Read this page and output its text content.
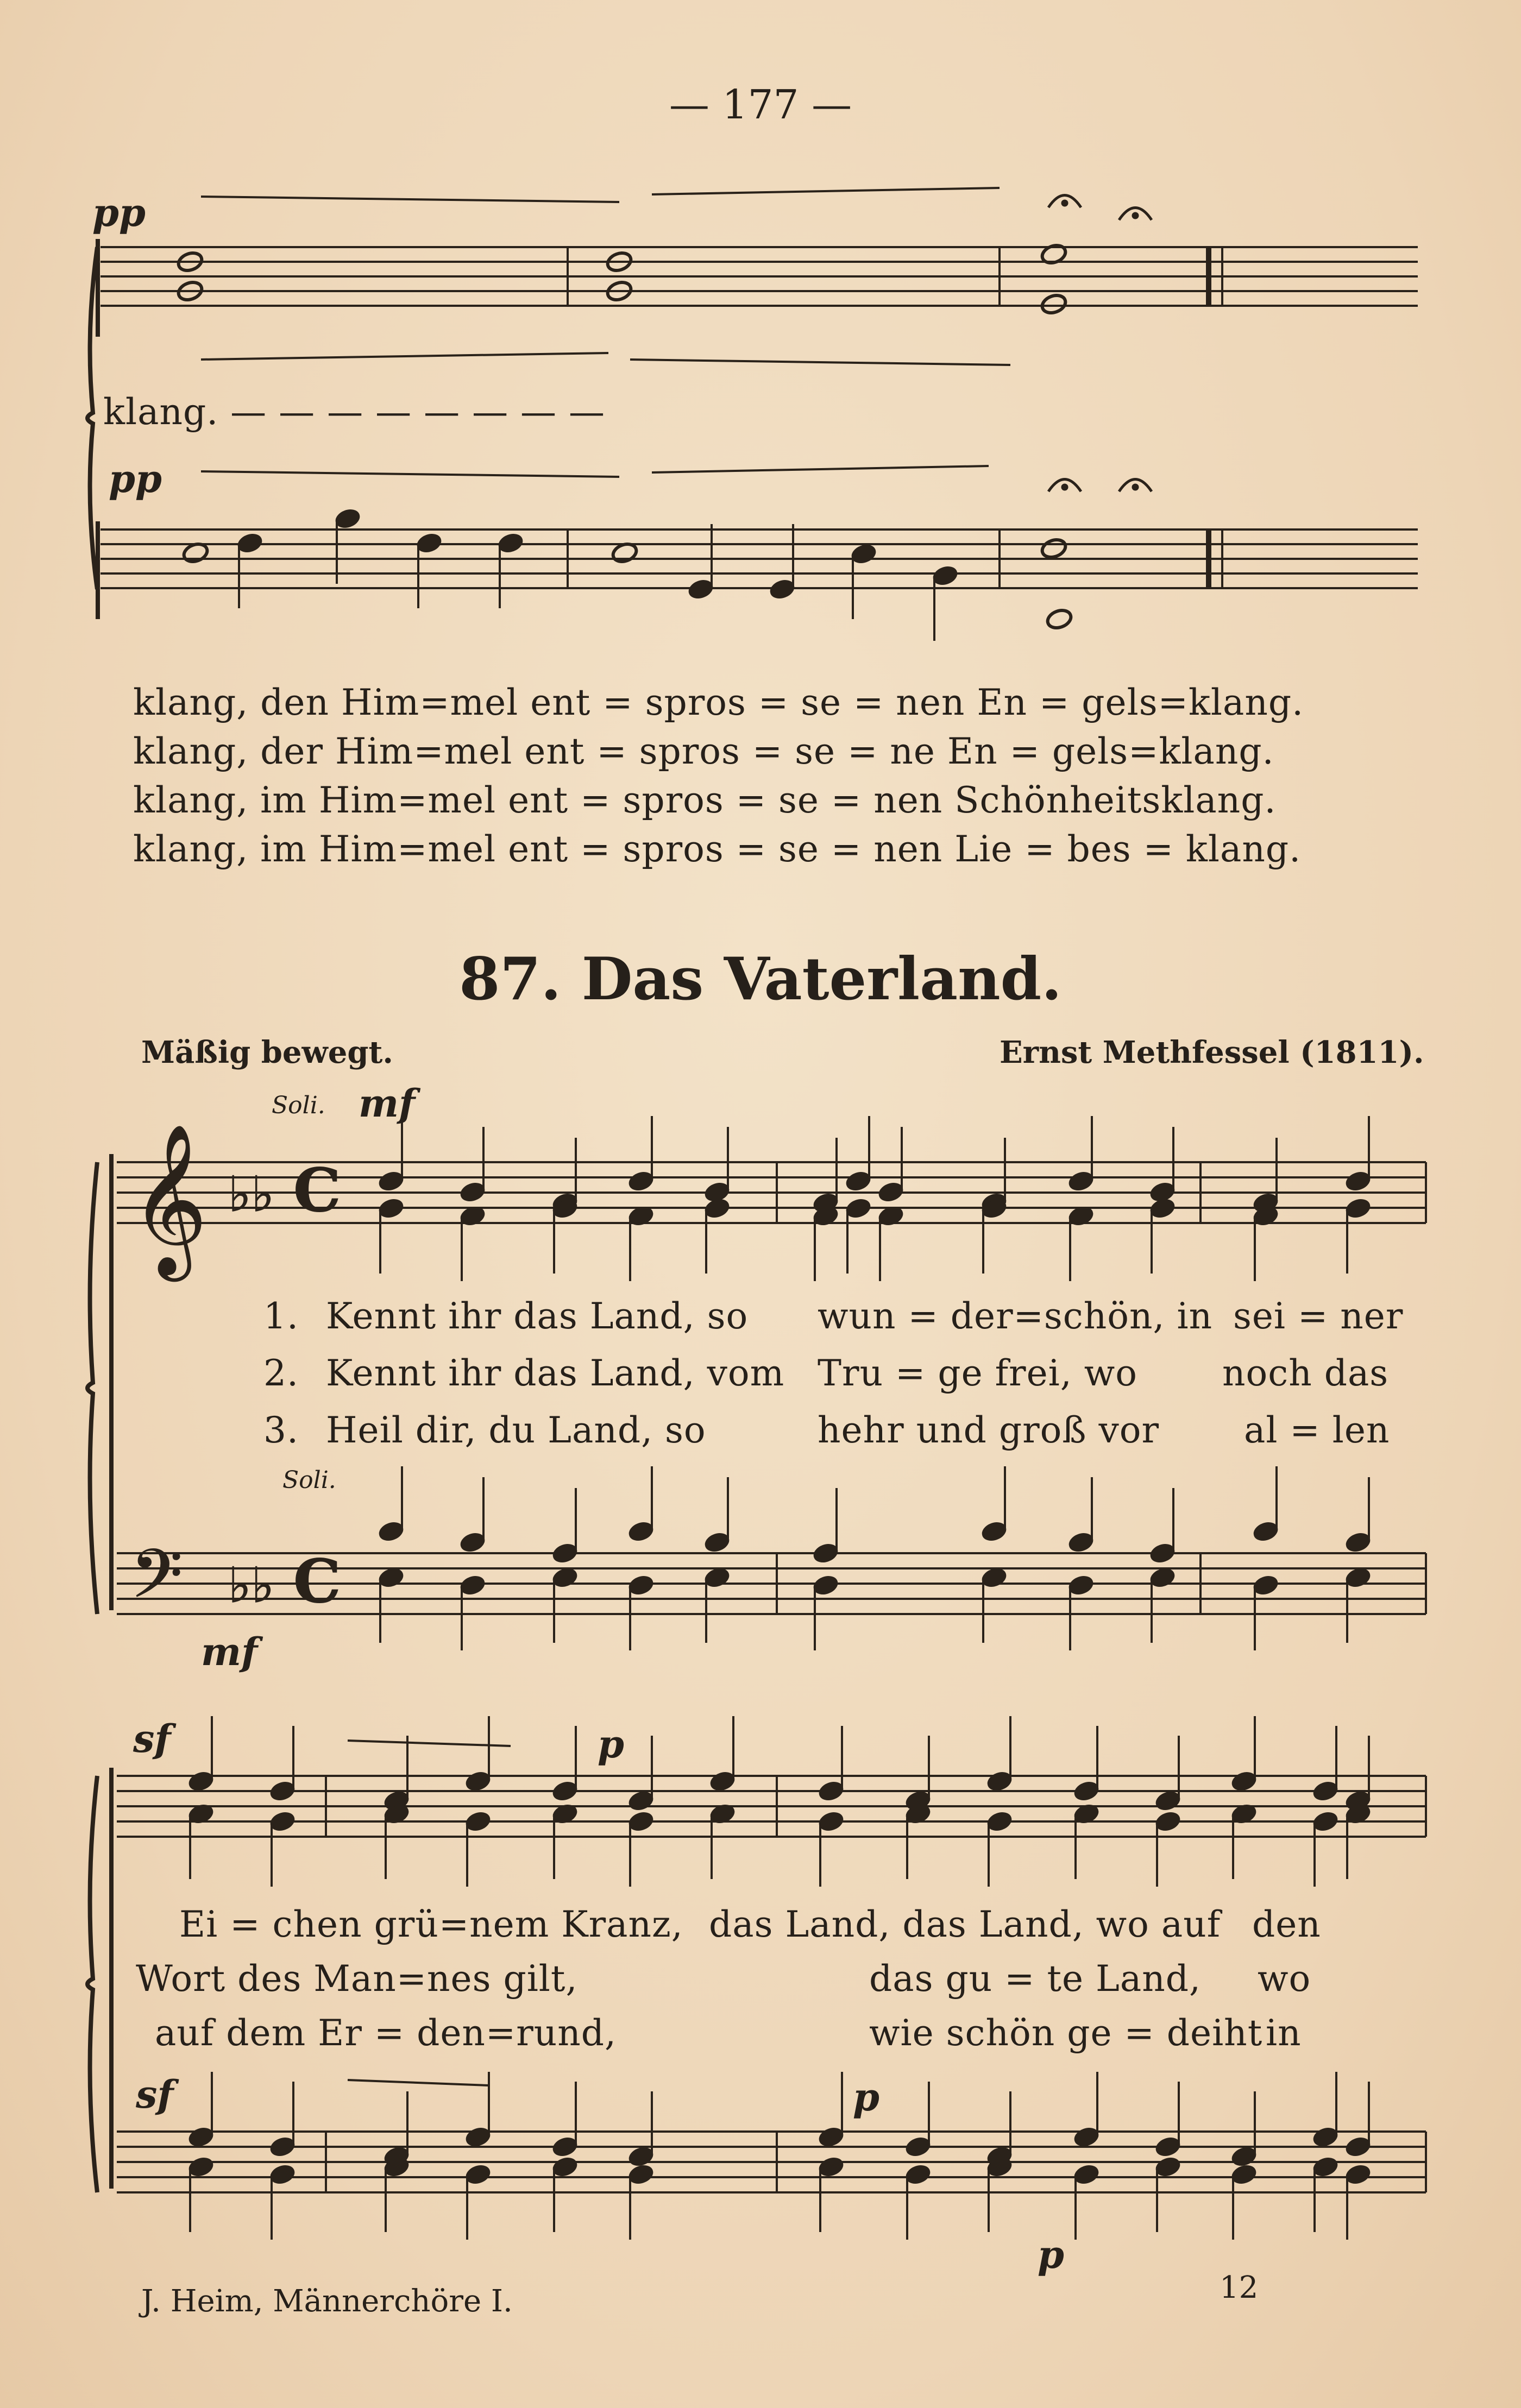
— 177 —
𝄞 ♭♭ C
𝄢 ♭♭ C
pp
pp
klang. — — — — — — — —
klang, den Him=mel ent = spros = se = nen En = gels=klang.
klang, der Him=mel ent = spros = se = ne En = gels=klang.
klang, im Him=mel ent = spros = se = nen Schönheitsklang.
klang, im Him=mel ent = spros = se = nen Lie = bes = klang.
87. Das Vaterland.
Mäßig bewegt.	Ernst Methfessel (1811).
Soli. mf
1. Kennt ihr das Land, so wun = der=schön, in sei = ner
2. Kennt ihr das Land, vom Tru = ge frei, wo noch das
3. Heil dir, du Land, so	hehr und groß vor al = len
Soli.
mf
sf	p
Ei = chen grü=nem Kranz, das Land, das Land, wo auf den
Wort des Man=nes gilt,	das gu = te Land, wo
auf dem Er = den=rund,	wie schön ge = deiht in
sf	p
p
J. Heim, Männerchöre I.	12
